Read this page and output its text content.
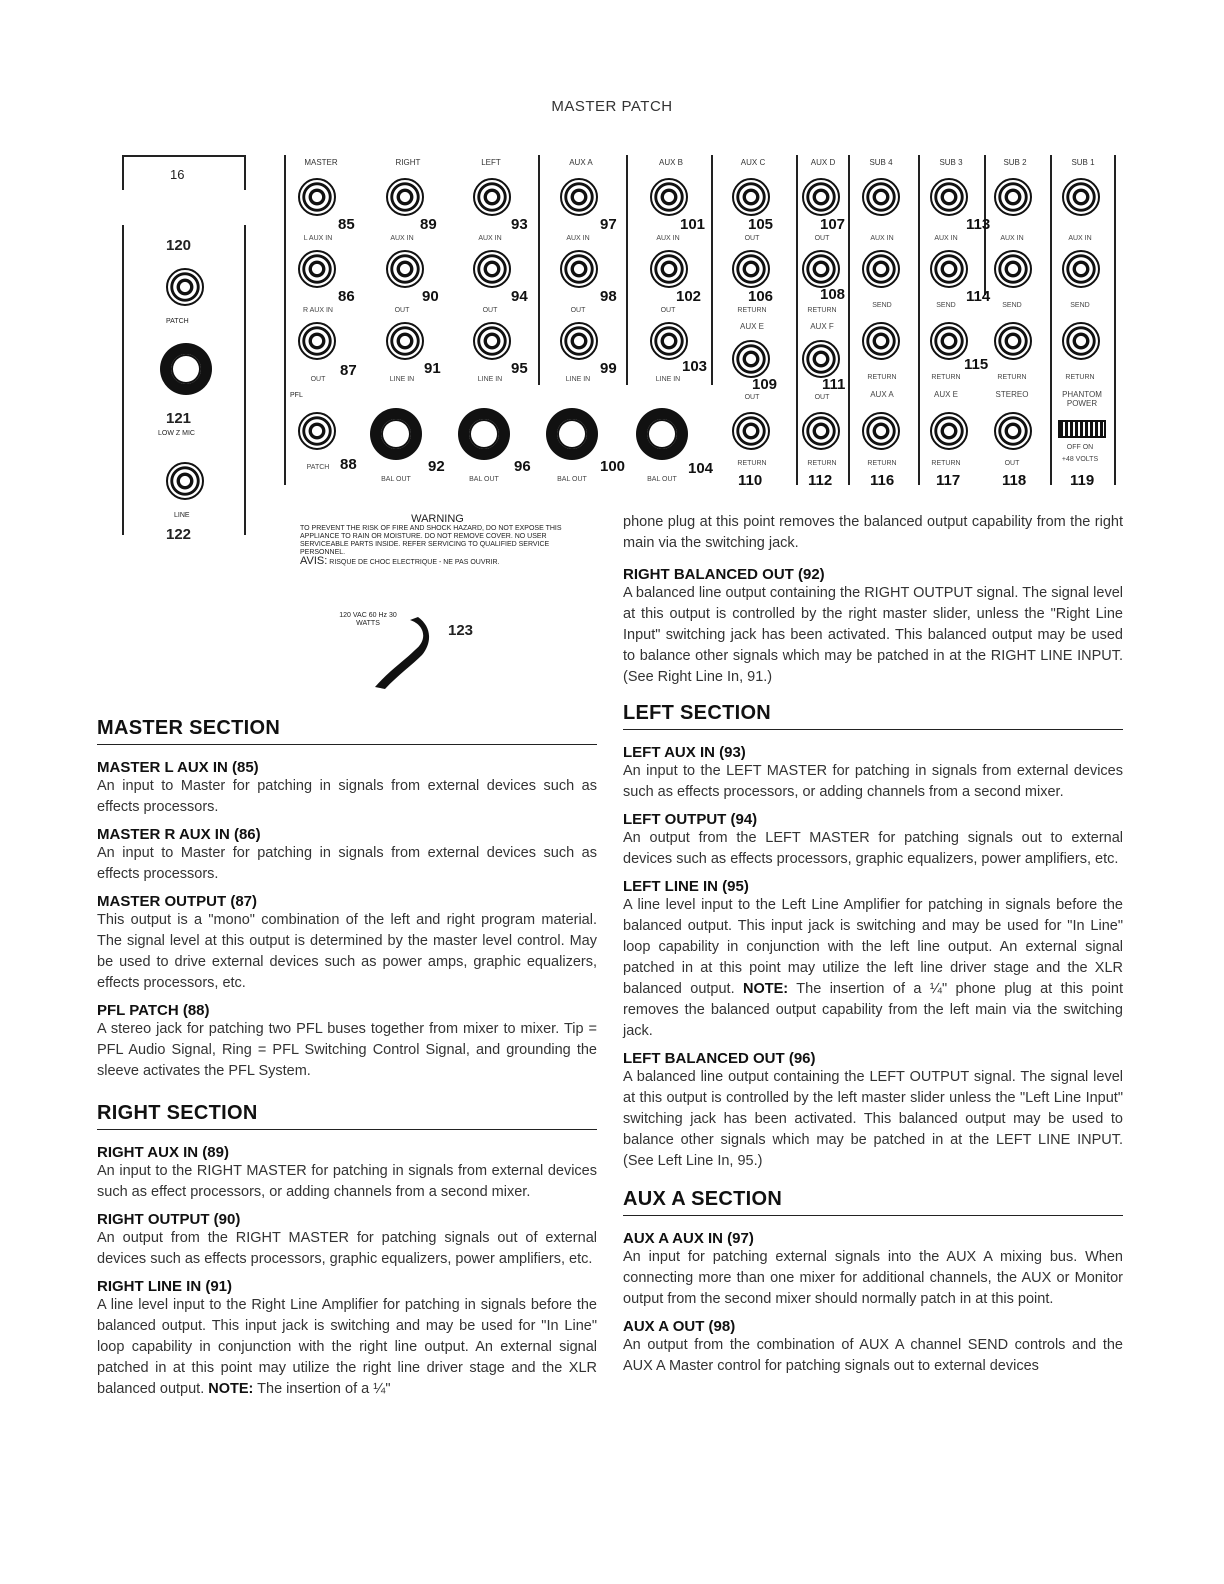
MASTER PATCH
16
120
PATCH
121
LOW Z MIC
LINE
122
MASTER	RIGHT	LEFT	AUX A	AUX B	AUX C	AUX D	SUB 4	SUB 3	SUB 2	SUB 1
85
L AUX IN
86
R AUX IN
87
OUT
PFL
88
PATCH
89
AUX IN
90
OUT
91
LINE IN
92
BAL OUT
93
AUX IN
94
OUT
95
LINE IN
96
BAL OUT
97
AUX IN
98
OUT
99
LINE IN
100
BAL OUT
101
AUX IN
102
OUT
103
LINE IN
104
BAL OUT
105
OUT
106
RETURN
AUX E
109
OUT
RETURN
110
107
OUT
108
RETURN
AUX F
111
OUT
RETURN
112
AUX IN
SEND
RETURN
AUX A
RETURN
116
113
AUX IN
114
SEND
115
RETURN
AUX E
RETURN
117
AUX IN
SEND
RETURN
STEREO
OUT
118
AUX IN
SEND
RETURN
PHANTOM POWER
OFF ON
+48 VOLTS
119
WARNING
TO PREVENT THE RISK OF FIRE AND SHOCK HAZARD, DO NOT EXPOSE THIS APPLIANCE TO RAIN OR MOISTURE. DO NOT REMOVE COVER. NO USER SERVICEABLE PARTS INSIDE. REFER SERVICING TO QUALIFIED SERVICE PERSONNEL.
AVIS: RISQUE DE CHOC ELECTRIQUE - NE PAS OUVRIR.
120 VAC 60 Hz 30 WATTS	123
MASTER SECTION
MASTER L AUX IN (85)
An input to Master for patching in signals from external devices such as effects processors.
MASTER R AUX IN (86)
An input to Master for patching in signals from external devices such as effects processors.
MASTER OUTPUT (87)
This output is a "mono" combination of the left and right program material. The signal level at this output is determined by the master level control. May be used to drive external devices such as power amps, graphic equalizers, effects processors, etc.
PFL PATCH (88)
A stereo jack for patching two PFL buses together from mixer to mixer. Tip = PFL Audio Signal, Ring = PFL Switching Control Signal, and grounding the sleeve activates the PFL System.
RIGHT SECTION
RIGHT AUX IN (89)
An input to the RIGHT MASTER for patching in signals from external devices such as effect processors, or adding channels from a second mixer.
RIGHT OUTPUT (90)
An output from the RIGHT MASTER for patching signals out of external devices such as effects processors, graphic equalizers, power amplifiers, etc.
RIGHT LINE IN (91)
A line level input to the Right Line Amplifier for patching in signals before the balanced output. This input jack is switching and may be used for "In Line" loop capability in conjunction with the right line output. An external signal patched in at this point may utilize the right line driver stage and the XLR balanced output. NOTE: The insertion of a ¼"
phone plug at this point removes the balanced output capability from the right main via the switching jack.
RIGHT BALANCED OUT (92)
A balanced line output containing the RIGHT OUTPUT signal. The signal level at this output is controlled by the right master slider, unless the "Right Line Input" switching jack has been activated. This balanced output may be used to balance other signals which may be patched in at the RIGHT LINE INPUT. (See Right Line In, 91.)
LEFT SECTION
LEFT AUX IN (93)
An input to the LEFT MASTER for patching in signals from external devices such as effects processors, or adding channels from a second mixer.
LEFT OUTPUT (94)
An output from the LEFT MASTER for patching signals out to external devices such as effects processors, graphic equalizers, power amplifiers, etc.
LEFT LINE IN (95)
A line level input to the Left Line Amplifier for patching in signals before the balanced output. This input jack is switching and may be used for "In Line" loop capability in conjunction with the left line output. An external signal patched in at this point may utilize the left line driver stage and the XLR balanced output. NOTE: The insertion of a ¼" phone plug at this point removes the balanced output capability from the left main via the switching jack.
LEFT BALANCED OUT (96)
A balanced line output containing the LEFT OUTPUT signal. The signal level at this output is controlled by the left master slider unless the "Left Line Input" switching jack has been activated. This balanced output may be used to balance other signals which may be patched in at the LEFT LINE INPUT. (See Left Line In, 95.)
AUX A SECTION
AUX A AUX IN (97)
An input for patching external signals into the AUX A mixing bus. When connecting more than one mixer for additional channels, the AUX or Monitor output from the second mixer should normally patch in at this point.
AUX A OUT (98)
An output from the combination of AUX A channel SEND controls and the AUX A Master control for patching signals out to external devices
